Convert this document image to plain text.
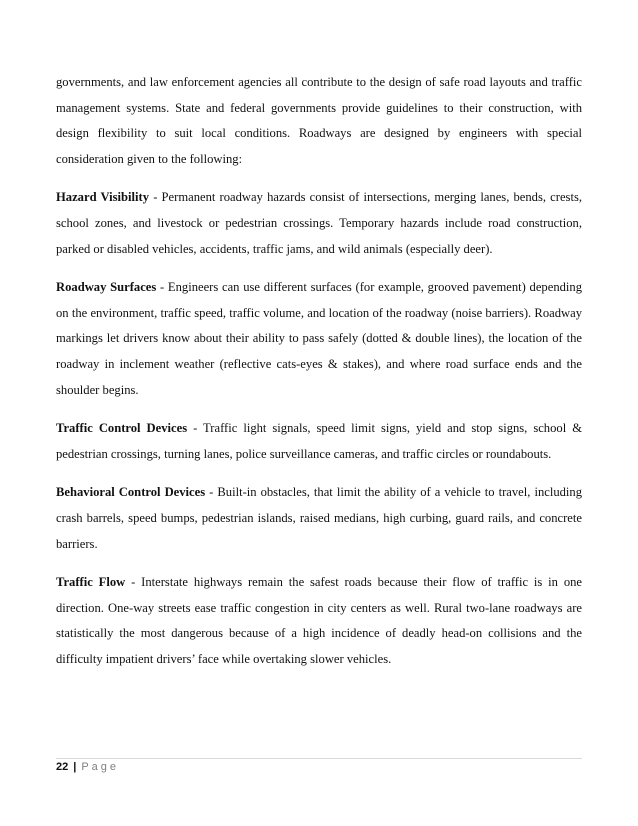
governments, and law enforcement agencies all contribute to the design of safe road layouts and traffic management systems. State and federal governments provide guidelines to their construction, with design flexibility to suit local conditions. Roadways are designed by engineers with special consideration given to the following:

Hazard Visibility - Permanent roadway hazards consist of intersections, merging lanes, bends, crests, school zones, and livestock or pedestrian crossings. Temporary hazards include road construction, parked or disabled vehicles, accidents, traffic jams, and wild animals (especially deer).

Roadway Surfaces - Engineers can use different surfaces (for example, grooved pavement) depending on the environment, traffic speed, traffic volume, and location of the roadway (noise barriers). Roadway markings let drivers know about their ability to pass safely (dotted & double lines), the location of the roadway in inclement weather (reflective cats-eyes & stakes), and where road surface ends and the shoulder begins.

Traffic Control Devices - Traffic light signals, speed limit signs, yield and stop signs, school & pedestrian crossings, turning lanes, police surveillance cameras, and traffic circles or roundabouts.

Behavioral Control Devices - Built-in obstacles, that limit the ability of a vehicle to travel, including crash barrels, speed bumps, pedestrian islands, raised medians, high curbing, guard rails, and concrete barriers.

Traffic Flow - Interstate highways remain the safest roads because their flow of traffic is in one direction. One-way streets ease traffic congestion in city centers as well. Rural two-lane roadways are statistically the most dangerous because of a high incidence of deadly head-on collisions and the difficulty impatient drivers’ face while overtaking slower vehicles.

22 | Page
